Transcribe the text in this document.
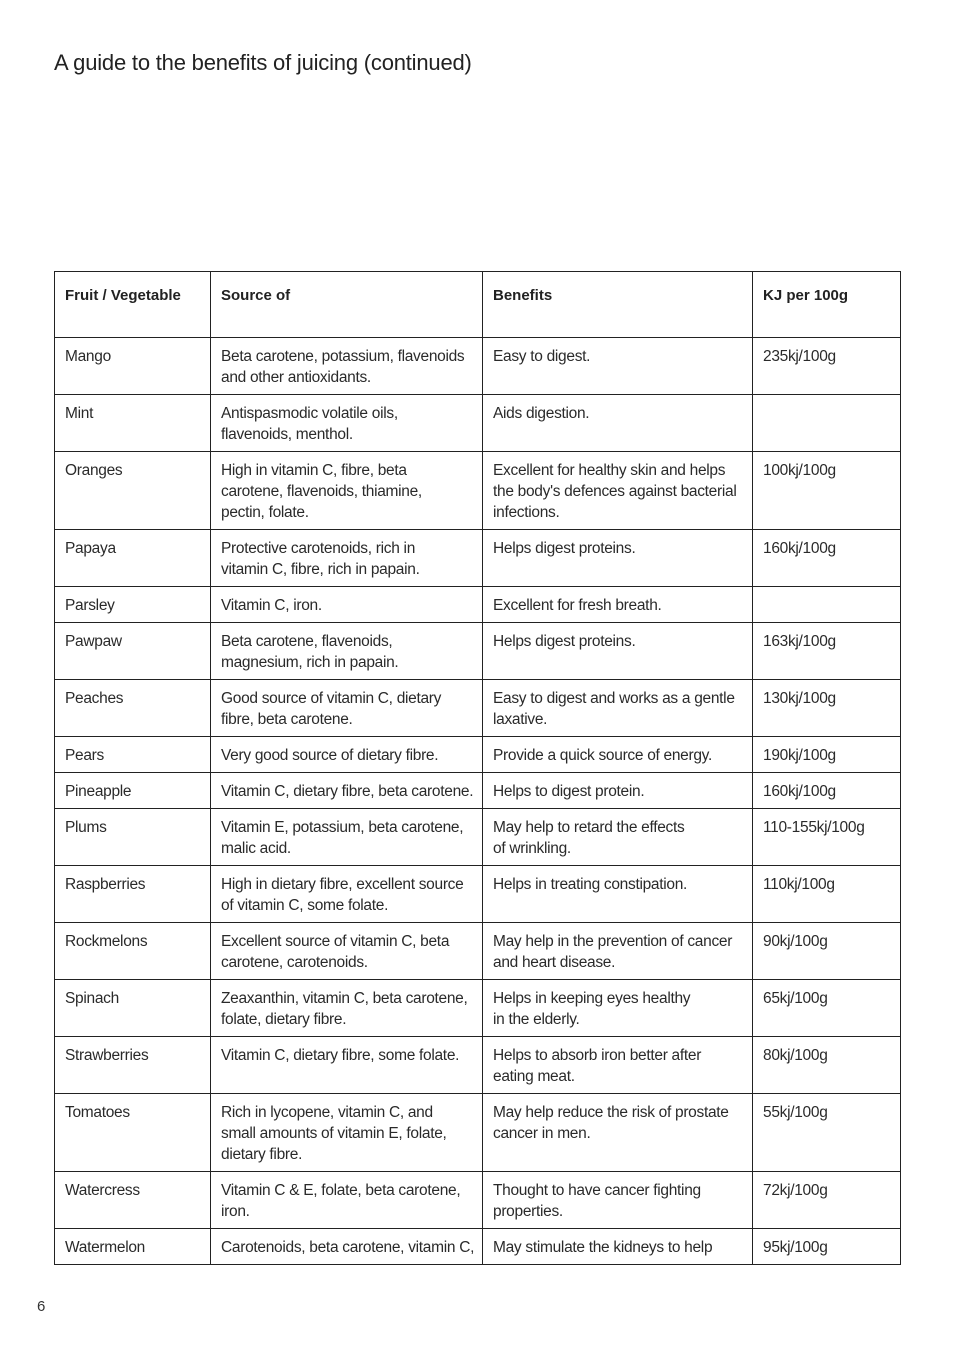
A guide to the benefits of juicing (continued)
Fruit / Vegetable	Source of	Benefits	KJ per 100g
Mango	Beta carotene, potassium, flavenoids
and other antioxidants.	Easy to digest.	235kj/100g
Mint	Antispasmodic volatile oils,
flavenoids, menthol.	Aids digestion.	
Oranges	High in vitamin C, fibre, beta
carotene, flavenoids, thiamine,
pectin, folate.	Excellent for healthy skin and helps
the body's defences against bacterial
infections.	100kj/100g
Papaya	Protective carotenoids, rich in
vitamin C, fibre, rich in papain.	Helps digest proteins.	160kj/100g
Parsley	Vitamin C, iron.	Excellent for fresh breath.	
Pawpaw	Beta carotene, flavenoids,
magnesium, rich in papain.	Helps digest proteins.	163kj/100g
Peaches	Good source of vitamin C, dietary
fibre, beta carotene.	Easy to digest and works as a gentle
laxative.	130kj/100g
Pears	Very good source of dietary fibre.	Provide a quick source of energy.	190kj/100g
Pineapple	Vitamin C, dietary fibre, beta carotene.	Helps to digest protein.	160kj/100g
Plums	Vitamin E, potassium, beta carotene,
malic acid.	May help to retard the effects
of wrinkling.	110-155kj/100g
Raspberries	High in dietary fibre, excellent source
of vitamin C, some folate.	Helps in treating constipation.	110kj/100g
Rockmelons	Excellent source of vitamin C, beta
carotene, carotenoids.	May help in the prevention of cancer
and heart disease.	90kj/100g
Spinach	Zeaxanthin, vitamin C, beta carotene,
folate, dietary fibre.	Helps in keeping eyes healthy
in the elderly.	65kj/100g
Strawberries	Vitamin C, dietary fibre, some folate.	Helps to absorb iron better after
eating meat.	80kj/100g
Tomatoes	Rich in lycopene, vitamin C, and
small amounts of vitamin E, folate,
dietary fibre.	May help reduce the risk of prostate
cancer in men.	55kj/100g
Watercress	Vitamin C & E, folate, beta carotene,
iron.	Thought to have cancer fighting
properties.	72kj/100g
Watermelon	Carotenoids, beta carotene, vitamin C,	May stimulate the kidneys to help	95kj/100g
6
